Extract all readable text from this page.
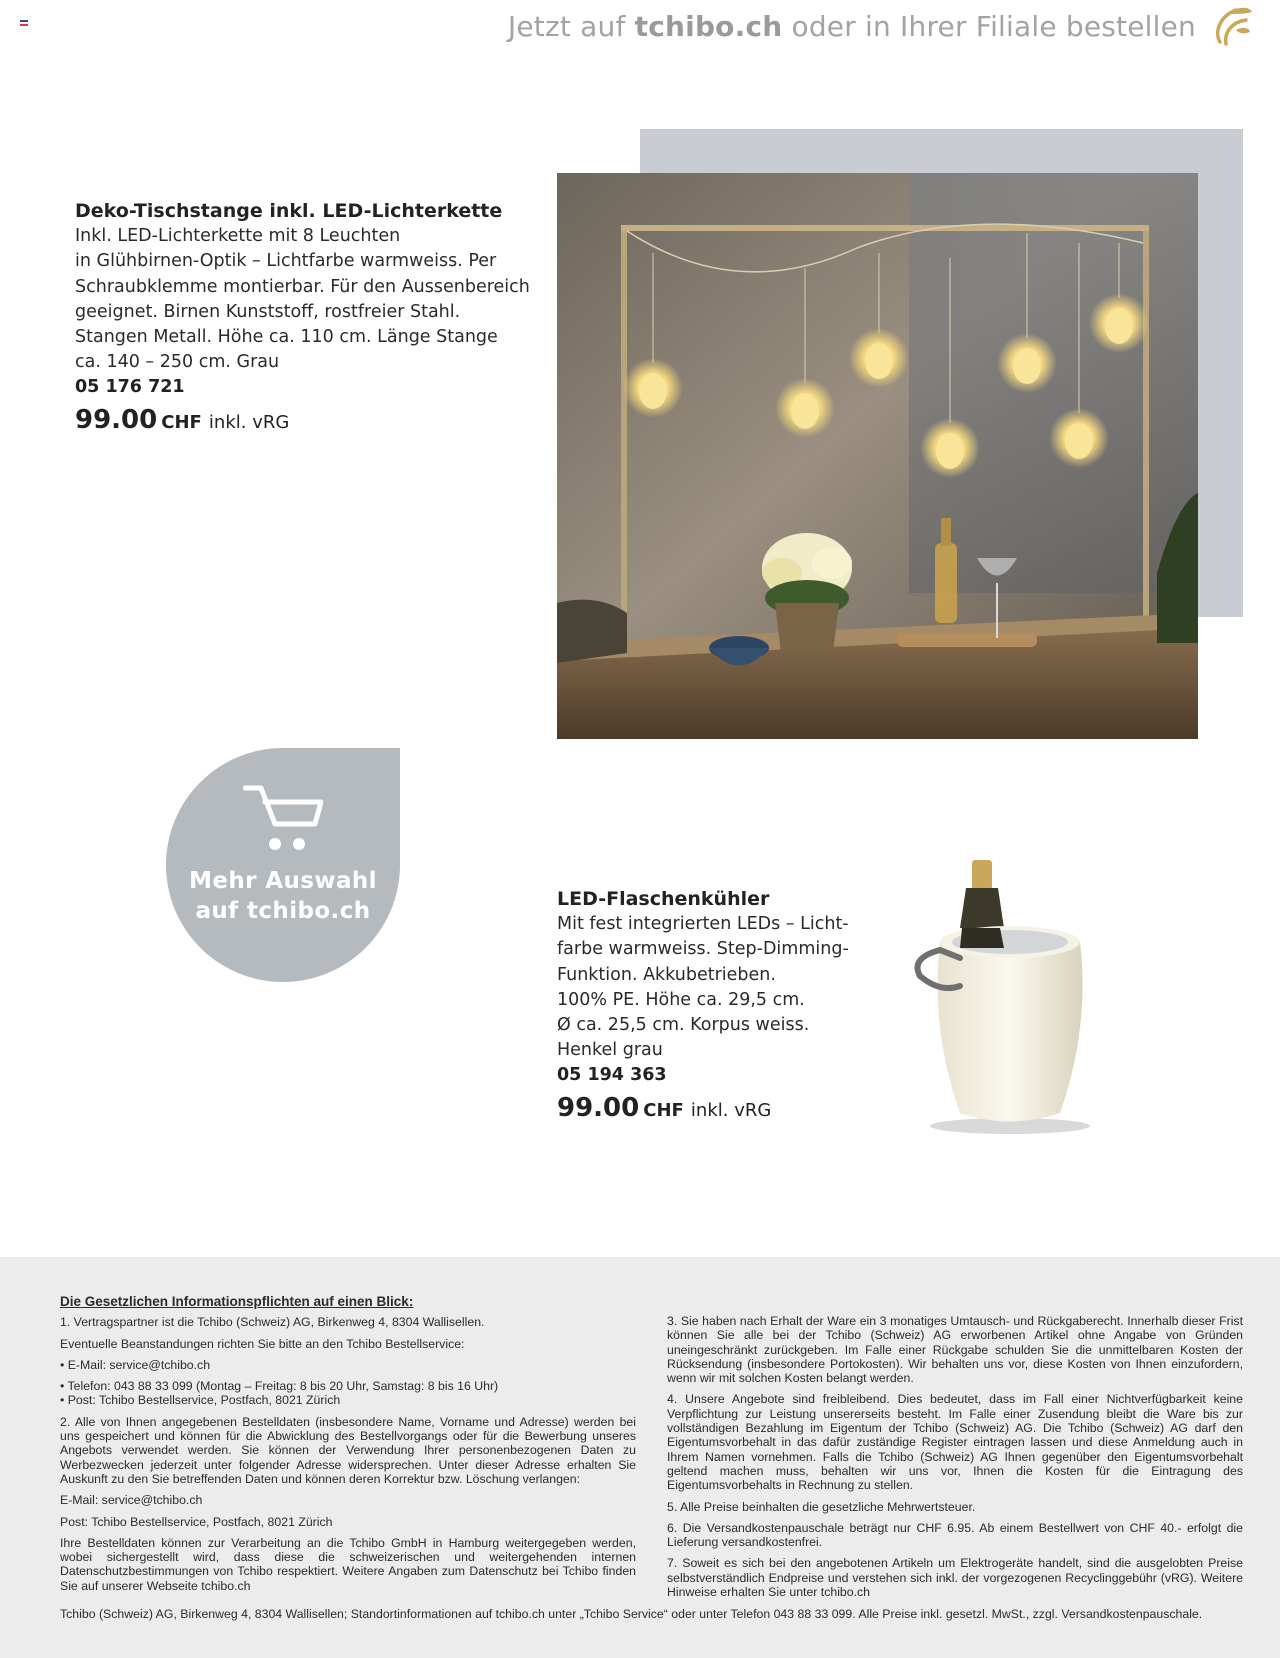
Jetzt auf tchibo.ch oder in Ihrer Filiale bestellen
Deko-Tischstange inkl. LED-Lichterkette

Inkl. LED-Lichterkette mit 8 Leuchten
in Glühbirnen-Optik – Lichtfarbe warmweiss. Per
Schraubklemme montierbar. Für den Aussenbereich
geeignet. Birnen Kunststoff, rostfreier Stahl.
Stangen Metall. Höhe ca. 110 cm. Länge Stange
ca. 140 – 250 cm. Grau

05 176 721
99.00 CHF inkl. vRG
Mehr Auswahl
auf tchibo.ch	LED-Flaschenkühler

Mit fest integrierten LEDs – Licht-
farbe warmweiss. Step-Dimming-
Funktion. Akkubetrieben.
100% PE. Höhe ca. 29,5 cm.
Ø ca. 25,5 cm. Korpus weiss.
Henkel grau

05 194 363
99.00 CHF inkl. vRG
Die Gesetzlichen Informationspflichten auf einen Blick:

1. Vertragspartner ist die Tchibo (Schweiz) AG, Birkenweg 4, 8304 Wallisellen.

Eventuelle Beanstandungen richten Sie bitte an den Tchibo Bestellservice:

• E-Mail: service@tchibo.ch

• Telefon: 043 88 33 099 (Montag – Freitag: 8 bis 20 Uhr, Samstag: 8 bis 16 Uhr)

• Post: Tchibo Bestellservice, Postfach, 8021 Zürich

2. Alle von Ihnen angegebenen Bestelldaten (insbesondere Name, Vorname und Adresse) werden bei uns gespeichert und können für die Abwicklung des Bestellvorgangs oder für die Bewerbung unseres Angebots verwendet werden. Sie können der Verwendung Ihrer personenbezogenen Daten zu Werbezwecken jederzeit unter folgender Adresse widersprechen. Unter dieser Adresse erhalten Sie Auskunft zu den Sie betreffenden Daten und können deren Korrektur bzw. Löschung verlangen:

E-Mail: service@tchibo.ch

Post: Tchibo Bestellservice, Postfach, 8021 Zürich

Ihre Bestelldaten können zur Verarbeitung an die Tchibo GmbH in Hamburg weitergegeben werden, wobei sichergestellt wird, dass diese die schweizerischen und weitergehenden internen Datenschutzbestimmungen von Tchibo respektiert. Weitere Angaben zum Datenschutz bei Tchibo finden Sie auf unserer Webseite tchibo.ch

3. Sie haben nach Erhalt der Ware ein 3 monatiges Umtausch- und Rückgaberecht. Innerhalb dieser Frist können Sie alle bei der Tchibo (Schweiz) AG erworbenen Artikel ohne Angabe von Gründen uneingeschränkt zurückgeben. Im Falle einer Rückgabe schulden Sie die unmittelbaren Kosten der Rücksendung (insbesondere Portokosten). Wir behalten uns vor, diese Kosten von Ihnen einzufordern, wenn wir mit solchen Kosten belangt werden.

4. Unsere Angebote sind freibleibend. Dies bedeutet, dass im Fall einer Nichtverfügbarkeit keine Verpflichtung zur Leistung unsererseits besteht. Im Falle einer Zusendung bleibt die Ware bis zur vollständigen Bezahlung im Eigentum der Tchibo (Schweiz) AG. Die Tchibo (Schweiz) AG darf den Eigentumsvorbehalt in das dafür zuständige Register eintragen lassen und diese Anmeldung auch in Ihrem Namen vornehmen. Falls die Tchibo (Schweiz) AG Ihnen gegenüber den Eigentumsvorbehalt geltend machen muss, behalten wir uns vor, Ihnen die Kosten für die Eintragung des Eigentumsvorbehalts in Rechnung zu stellen.

5. Alle Preise beinhalten die gesetzliche Mehrwertsteuer.

6. Die Versandkostenpauschale beträgt nur CHF 6.95. Ab einem Bestellwert von CHF 40.- erfolgt die Lieferung versandkostenfrei.

7. Soweit es sich bei den angebotenen Artikeln um Elektrogeräte handelt, sind die ausgelobten Preise selbstverständlich Endpreise und verstehen sich inkl. der vorgezogenen Recyclinggebühr (vRG). Weitere Hinweise erhalten Sie unter tchibo.ch

Tchibo (Schweiz) AG, Birkenweg 4, 8304 Wallisellen; Standortinformationen auf tchibo.ch unter „Tchibo Service“ oder unter Telefon 043 88 33 099. Alle Preise inkl. gesetzl. MwSt., zzgl. Versandkostenpauschale.
